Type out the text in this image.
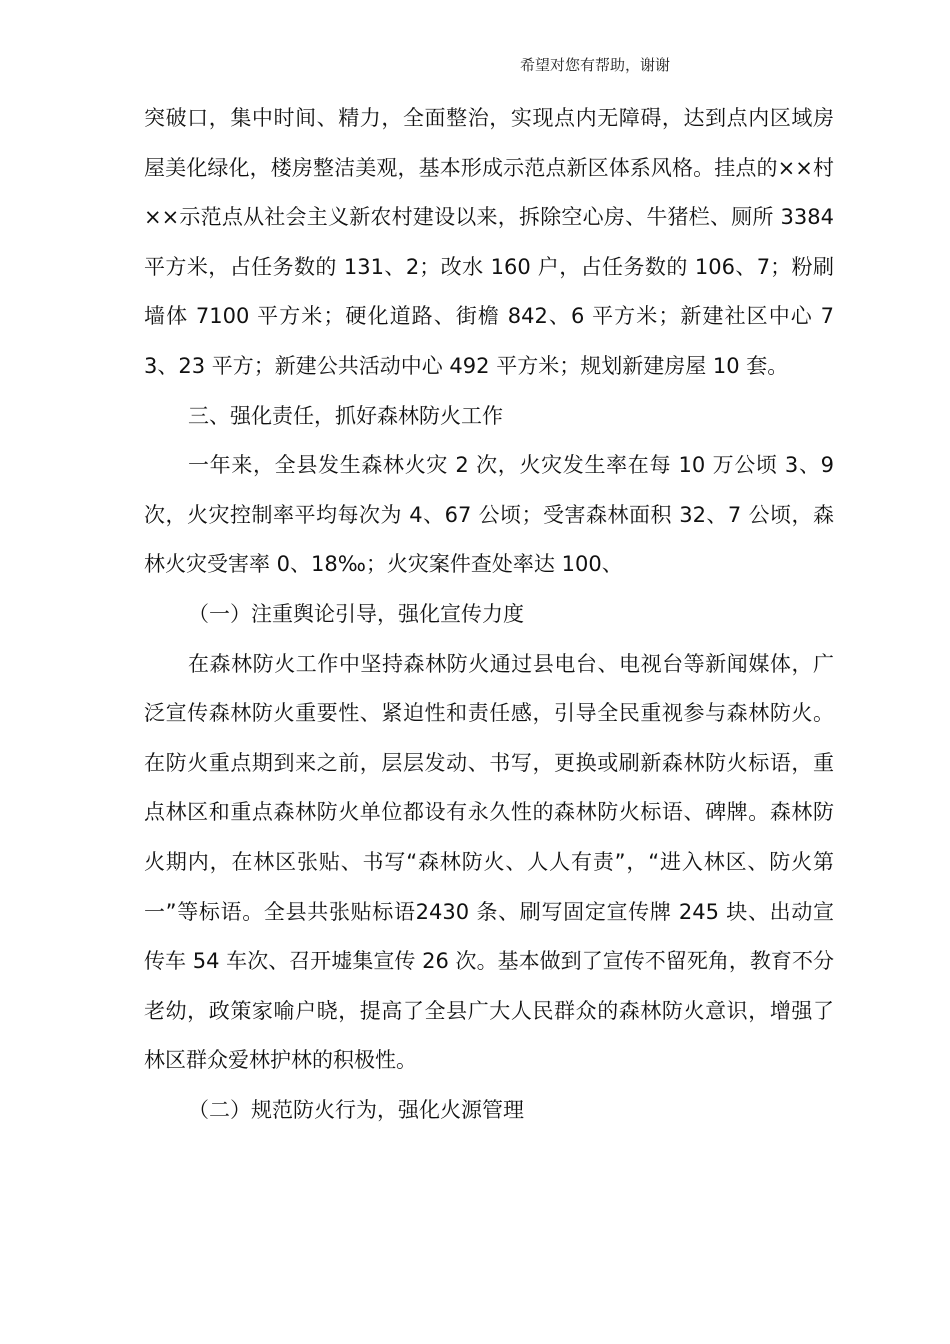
希望对您有帮助，谢谢

突破口，集中时间、精力，全面整治，实现点内无障碍，达到点内区域房屋美化绿化，楼房整洁美观，基本形成示范点新区体系风格。挂点的××村××示范点从社会主义新农村建设以来，拆除空心房、牛猪栏、厕所 3384 平方米，占任务数的 131、2；改水 160 户，占任务数的 106、7；粉刷墙体 7100 平方米；硬化道路、街檐 842、6 平方米；新建社区中心 73、23 平方；新建公共活动中心 492 平方米；规划新建房屋 10 套。

三、强化责任，抓好森林防火工作

一年来，全县发生森林火灾 2 次，火灾发生率在每 10 万公顷 3、9 次，火灾控制率平均每次为 4、67 公顷；受害森林面积 32、7 公顷，森林火灾受害率 0、18‰；火灾案件查处率达 100、

（一）注重舆论引导，强化宣传力度

在森林防火工作中坚持森林防火通过县电台、电视台等新闻媒体，广泛宣传森林防火重要性、紧迫性和责任感，引导全民重视参与森林防火。在防火重点期到来之前，层层发动、书写，更换或刷新森林防火标语，重点林区和重点森林防火单位都设有永久性的森林防火标语、碑牌。森林防火期内，在林区张贴、书写“森林防火、人人有责”，“进入林区、防火第一”等标语。全县共张贴标语2430 条、刷写固定宣传牌 245 块、出动宣传车 54 车次、召开墟集宣传 26 次。基本做到了宣传不留死角，教育不分老幼，政策家喻户晓，提高了全县广大人民群众的森林防火意识，增强了林区群众爱林护林的积极性。

（二）规范防火行为，强化火源管理
